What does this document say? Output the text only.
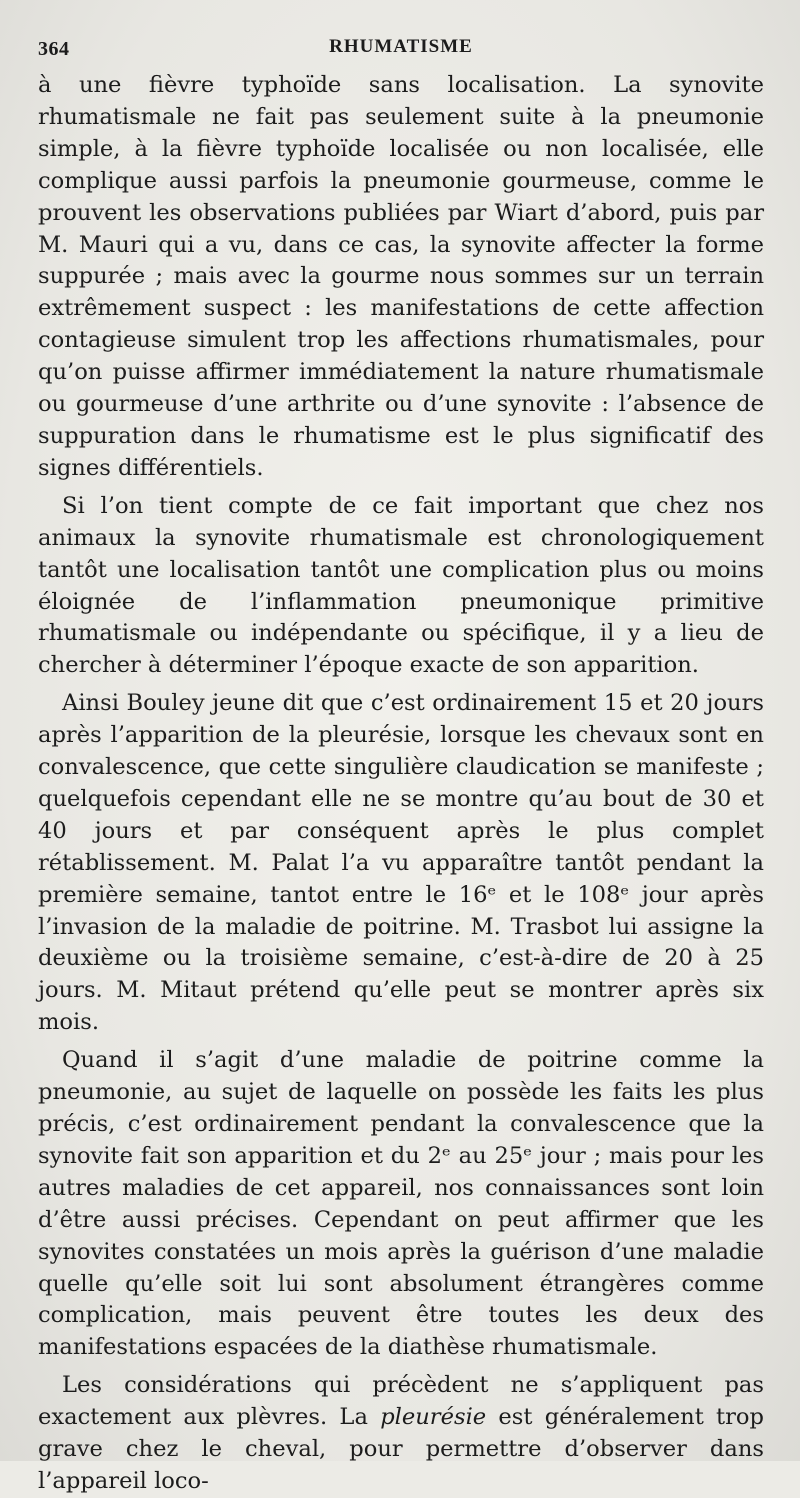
364	RHUMATISME

à une fièvre typhoïde sans localisation. La synovite rhumatismale ne fait pas seulement suite à la pneumonie simple, à la fièvre typhoïde localisée ou non localisée, elle complique aussi parfois la pneumonie gourmeuse, comme le prouvent les observations publiées par Wiart d’abord, puis par M. Mauri qui a vu, dans ce cas, la synovite affecter la forme suppurée ; mais avec la gourme nous sommes sur un terrain extrêmement suspect : les manifestations de cette affection contagieuse simulent trop les affections rhumatismales, pour qu’on puisse affirmer immédiatement la nature rhumatismale ou gourmeuse d’une arthrite ou d’une synovite : l’absence de suppuration dans le rhumatisme est le plus significatif des signes différentiels.

Si l’on tient compte de ce fait important que chez nos animaux la synovite rhumatismale est chronologiquement tantôt une localisation tantôt une complication plus ou moins éloignée de l’inflammation pneumonique primitive rhumatismale ou indépendante ou spécifique, il y a lieu de chercher à déterminer l’époque exacte de son apparition.

Ainsi Bouley jeune dit que c’est ordinairement 15 et 20 jours après l’apparition de la pleurésie, lorsque les chevaux sont en convalescence, que cette singulière claudication se manifeste ; quelquefois cependant elle ne se montre qu’au bout de 30 et 40 jours et par conséquent après le plus complet rétablissement. M. Palat l’a vu apparaître tantôt pendant la première semaine, tantot entre le 16ᵉ et le 108ᵉ jour après l’invasion de la maladie de poitrine. M. Trasbot lui assigne la deuxième ou la troisième semaine, c’est-à-dire de 20 à 25 jours. M. Mitaut prétend qu’elle peut se montrer après six mois.

Quand il s’agit d’une maladie de poitrine comme la pneumonie, au sujet de laquelle on possède les faits les plus précis, c’est ordinairement pendant la convalescence que la synovite fait son apparition et du 2ᵉ au 25ᵉ jour ; mais pour les autres maladies de cet appareil, nos connaissances sont loin d’être aussi précises. Cependant on peut affirmer que les synovites constatées un mois après la guérison d’une maladie quelle qu’elle soit lui sont absolument étrangères comme complication, mais peuvent être toutes les deux des manifestations espacées de la diathèse rhumatismale.

Les considérations qui précèdent ne s’appliquent pas exactement aux plèvres. La pleurésie est généralement trop grave chez le cheval, pour permettre d’observer dans l’appareil loco-
